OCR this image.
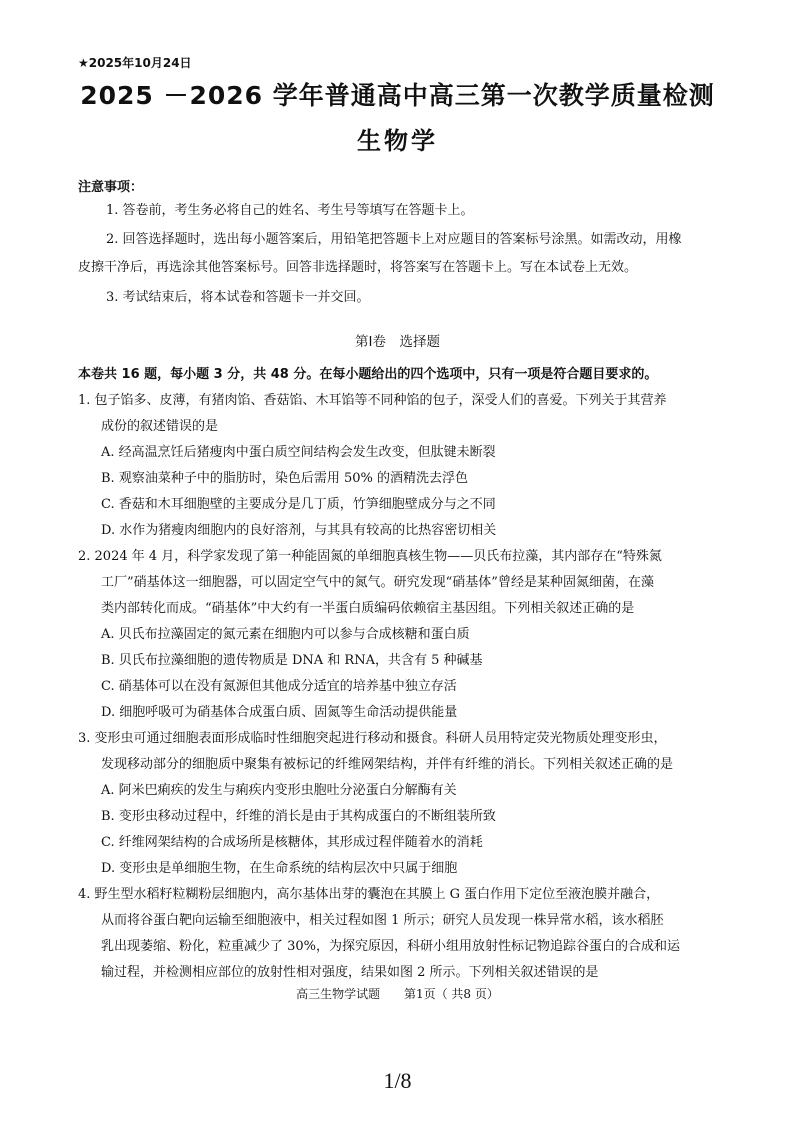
★2025年10月24日
2025 －2026 学年普通高中高三第一次教学质量检测
生物学
注意事项：
1. 答卷前，考生务必将自己的姓名、考生号等填写在答题卡上。
2. 回答选择题时，选出每小题答案后，用铅笔把答题卡上对应题目的答案标号涂黑。如需改动，用橡
皮擦干净后，再选涂其他答案标号。回答非选择题时，将答案写在答题卡上。写在本试卷上无效。
3. 考试结束后，将本试卷和答题卡一并交回。
第Ⅰ卷　选择题
本卷共 16 题，每小题 3 分，共 48 分。在每小题给出的四个选项中，只有一项是符合题目要求的。
1. 包子馅多、皮薄，有猪肉馅、香菇馅、木耳馅等不同种馅的包子，深受人们的喜爱。下列关于其营养
成份的叙述错误的是
A. 经高温烹饪后猪瘦肉中蛋白质空间结构会发生改变，但肽键未断裂
B. 观察油菜种子中的脂肪时，染色后需用 50% 的酒精洗去浮色
C. 香菇和木耳细胞壁的主要成分是几丁质，竹笋细胞壁成分与之不同
D. 水作为猪瘦肉细胞内的良好溶剂，与其具有较高的比热容密切相关
2. 2024 年 4 月，科学家发现了第一种能固氮的单细胞真核生物——贝氏布拉藻，其内部存在“特殊氮
工厂”硝基体这一细胞器，可以固定空气中的氮气。研究发现“硝基体”曾经是某种固氮细菌，在藻
类内部转化而成。“硝基体”中大约有一半蛋白质编码依赖宿主基因组。下列相关叙述正确的是
A. 贝氏布拉藻固定的氮元素在细胞内可以参与合成核糖和蛋白质
B. 贝氏布拉藻细胞的遗传物质是 DNA 和 RNA，共含有 5 种碱基
C. 硝基体可以在没有氮源但其他成分适宜的培养基中独立存活
D. 细胞呼吸可为硝基体合成蛋白质、固氮等生命活动提供能量
3. 变形虫可通过细胞表面形成临时性细胞突起进行移动和摄食。科研人员用特定荧光物质处理变形虫，
发现移动部分的细胞质中聚集有被标记的纤维网架结构，并伴有纤维的消长。下列相关叙述正确的是
A. 阿米巴痢疾的发生与痢疾内变形虫胞吐分泌蛋白分解酶有关
B. 变形虫移动过程中，纤维的消长是由于其构成蛋白的不断组装所致
C. 纤维网架结构的合成场所是核糖体，其形成过程伴随着水的消耗
D. 变形虫是单细胞生物，在生命系统的结构层次中只属于细胞
4. 野生型水稻籽粒糊粉层细胞内，高尔基体出芽的囊泡在其膜上 G 蛋白作用下定位至液泡膜并融合，
从而将谷蛋白靶向运输至细胞液中，相关过程如图 1 所示；研究人员发现一株异常水稻，该水稻胚
乳出现萎缩、粉化，粒重减少了 30%，为探究原因，科研小组用放射性标记物追踪谷蛋白的合成和运
输过程，并检测相应部位的放射性相对强度，结果如图 2 所示。下列相关叙述错误的是
高三生物学试题 第1页（ 共8 页）
1/8
